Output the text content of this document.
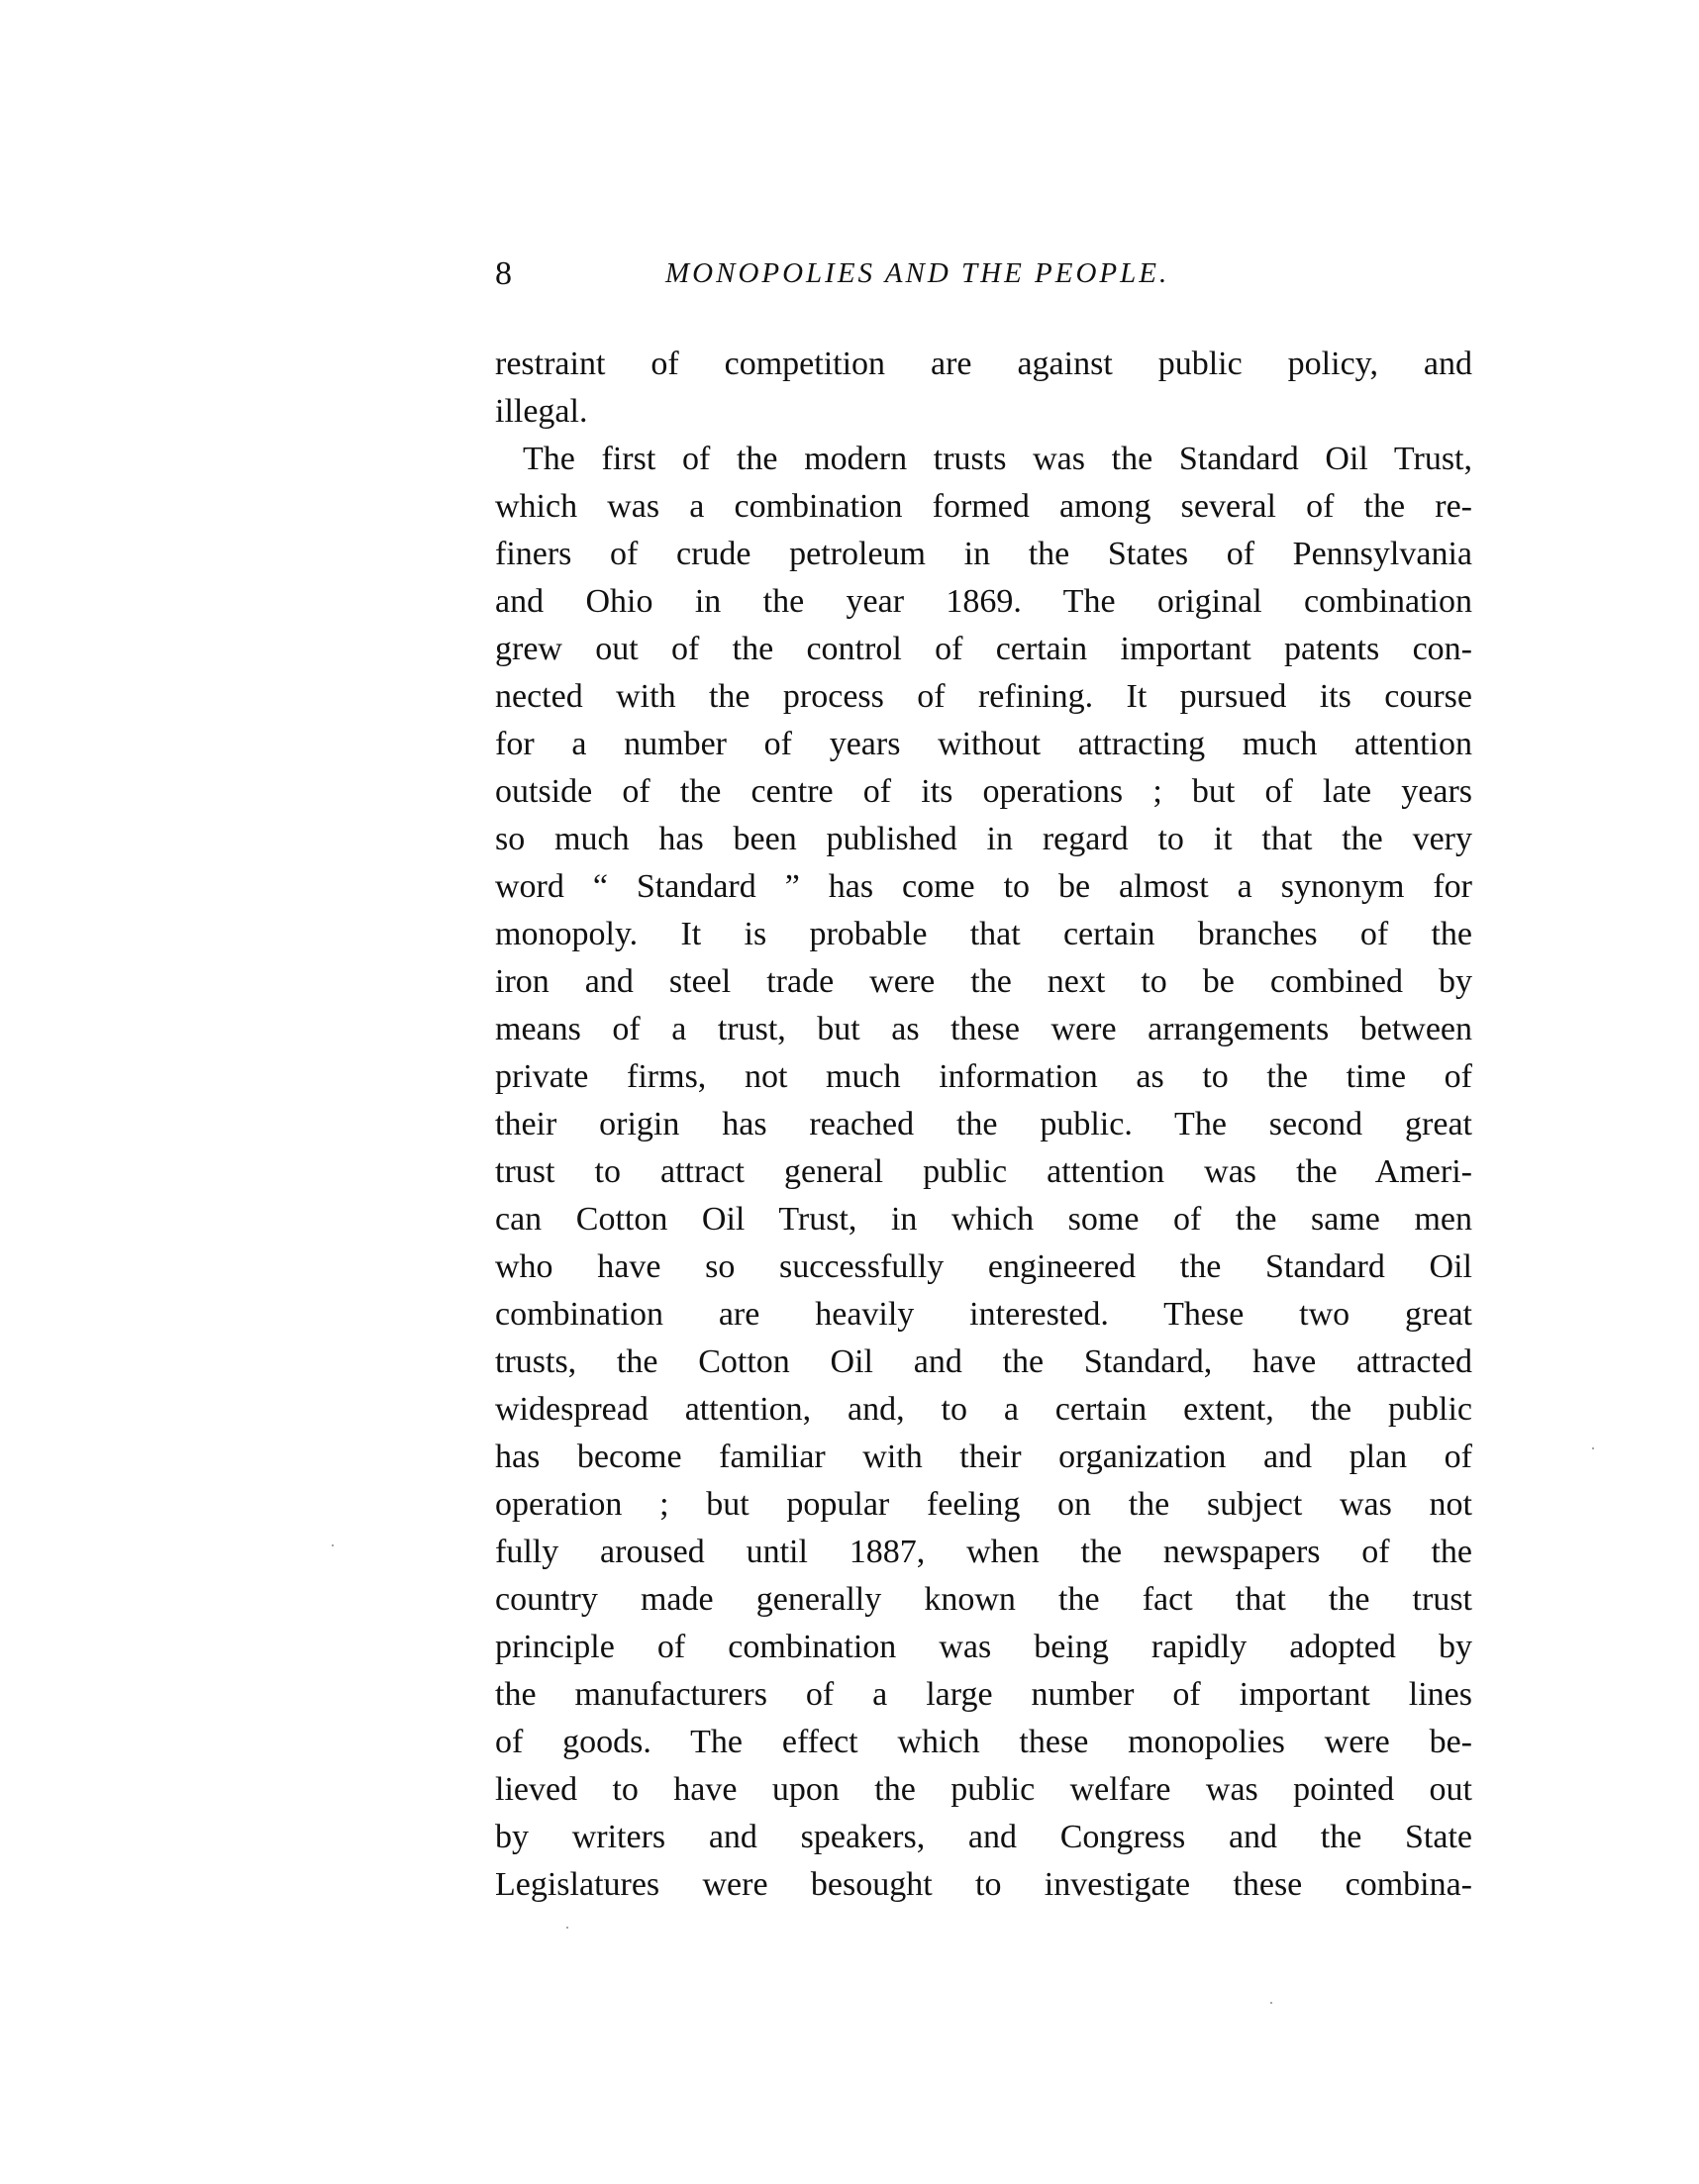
8	MONOPOLIES AND THE PEOPLE.
restraint of competition are against public policy, and
illegal.
The first of the modern trusts was the Standard Oil Trust,
which was a combination formed among several of the re-
finers of crude petroleum in the States of Pennsylvania
and Ohio in the year 1869. The original combination
grew out of the control of certain important patents con-
nected with the process of refining. It pursued its course
for a number of years without attracting much attention
outside of the centre of its operations ; but of late years
so much has been published in regard to it that the very
word “ Standard ” has come to be almost a synonym for
monopoly. It is probable that certain branches of the
iron and steel trade were the next to be combined by
means of a trust, but as these were arrangements between
private firms, not much information as to the time of
their origin has reached the public. The second great
trust to attract general public attention was the Ameri-
can Cotton Oil Trust, in which some of the same men
who have so successfully engineered the Standard Oil
combination are heavily interested. These two great
trusts, the Cotton Oil and the Standard, have attracted
widespread attention, and, to a certain extent, the public
has become familiar with their organization and plan of
operation ; but popular feeling on the subject was not
fully aroused until 1887, when the newspapers of the
country made generally known the fact that the trust
principle of combination was being rapidly adopted by
the manufacturers of a large number of important lines
of goods. The effect which these monopolies were be-
lieved to have upon the public welfare was pointed out
by writers and speakers, and Congress and the State
Legislatures were besought to investigate these combina-
